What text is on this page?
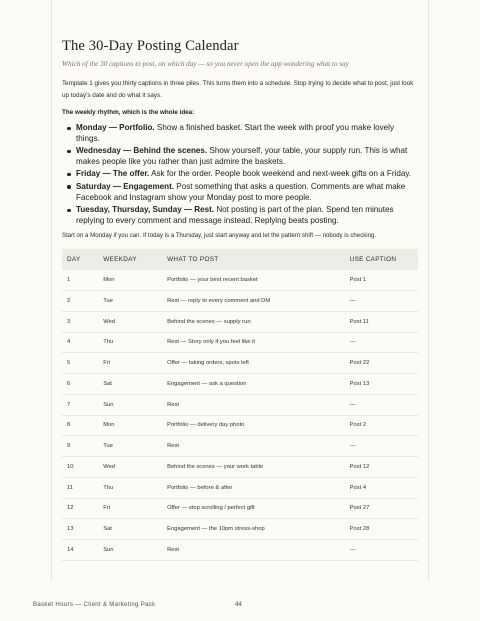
The 30-Day Posting Calendar
Which of the 30 captions to post, on which day — so you never open the app wondering what to say
Template 1 gives you thirty captions in three piles. This turns them into a schedule. Stop trying to decide what to post; just look up today's date and do what it says.
The weekly rhythm, which is the whole idea:
Monday — Portfolio. Show a finished basket. Start the week with proof you make lovely things.
Wednesday — Behind the scenes. Show yourself, your table, your supply run. This is what makes people like you rather than just admire the baskets.
Friday — The offer. Ask for the order. People book weekend and next-week gifts on a Friday.
Saturday — Engagement. Post something that asks a question. Comments are what make Facebook and Instagram show your Monday post to more people.
Tuesday, Thursday, Sunday — Rest. Not posting is part of the plan. Spend ten minutes replying to every comment and message instead. Replying beats posting.
Start on a Monday if you can. If today is a Thursday, just start anyway and let the pattern shift — nobody is checking.
DAY	WEEKDAY	WHAT TO POST	USE CAPTION
1	Mon	Portfolio — your best recent basket	Post 1
2	Tue	Rest — reply to every comment and DM	—
3	Wed	Behind the scenes — supply run	Post 11
4	Thu	Rest — Story only if you feel like it	—
5	Fri	Offer — taking orders, spots left	Post 22
6	Sat	Engagement — ask a question	Post 13
7	Sun	Rest	—
8	Mon	Portfolio — delivery day photo	Post 2
9	Tue	Rest	—
10	Wed	Behind the scenes — your work table	Post 12
11	Thu	Portfolio — before & after	Post 4
12	Fri	Offer — stop scrolling / perfect gift	Post 27
13	Sat	Engagement — the 10pm stress-shop	Post 28
14	Sun	Rest	—
Basket Hours — Client & Marketing Pack	44
